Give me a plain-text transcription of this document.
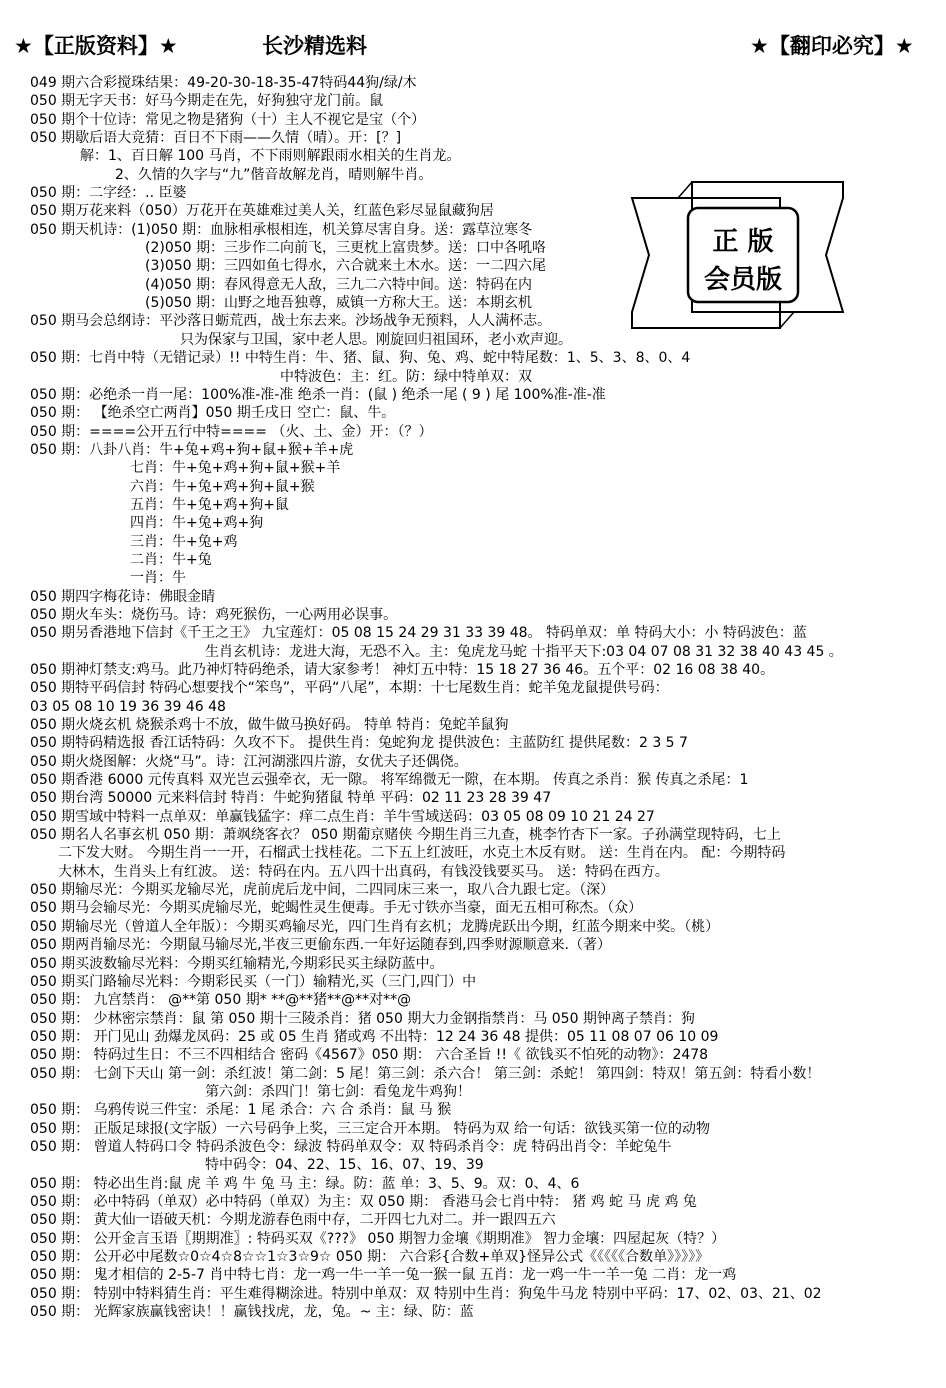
★【正版资料】★	长沙精选料	★【翻印必究】★
049 期六合彩搅珠结果：49-20-30-18-35-47特码44狗/绿/木
050 期无字天书：好马今期走在先，好狗独守龙门前。鼠
050 期个十位诗：常见之物是猪狗（十）主人不视它是宝（个）
050 期歇后语大竞猜：百日不下雨——久情（晴）。开：[？]
解：1、百日解 100 马肖，不下雨则解跟雨水相关的生肖龙。
2、久情的久字与“九”偕音故解龙肖，晴则解牛肖。
050 期：二字经：.. 臣婆
050 期万花来料（050）万花开在英雄难过美人关，红蓝色彩尽显鼠藏狗居
050 期天机诗：(1)050 期：血脉相承根相连，机关算尽害自身。送：露草泣寒冬
(2)050 期：三步作二向前飞，三更枕上富贵梦。送：口中各吼咯
(3)050 期：三四如鱼七得水，六合就来土木水。送：一二四六尾
(4)050 期：春风得意无人敌，三九二六特中间。送：特码在内
(5)050 期：山野之地吾独尊，威镇一方称大王。送：本期玄机
050 期马会总纲诗：平沙落日蛎荒西，战士东去来。沙场战争无预料，人人满杯志。
只为保家与卫国，家中老人思。刚旋回归祖国环，老小欢声迎。
050 期：七肖中特（无错记录）!! 中特生肖：牛、猪、鼠、狗、兔、鸡、蛇中特尾数：1、5、3、8、0、4
中特波色：主：红。防：绿中特单双：双
050 期：必绝杀一肖一尾：100%准-准-准 绝杀一肖：(鼠 ) 绝杀一尾 ( 9 ) 尾 100%准-准-准
050 期： 【绝杀空亡两肖】050 期壬戌日 空亡：鼠、牛。
050 期：====公开五行中特==== （火、土、金）开：（？）
050 期：八卦八肖：牛+兔+鸡+狗+鼠+猴+羊+虎
七肖：牛+兔+鸡+狗+鼠+猴+羊
六肖：牛+兔+鸡+狗+鼠+猴
五肖：牛+兔+鸡+狗+鼠
四肖：牛+兔+鸡+狗
三肖：牛+兔+鸡
二肖：牛+兔
一肖：牛
050 期四字梅花诗：佛眼金睛
050 期火车头：烧伤马。诗：鸡死猴伤，一心两用必误事。
050 期另香港地下信封《千王之王》 九宝莲灯：05 08 15 24 29 31 33 39 48。 特码单双：单 特码大小：小 特码波色：蓝
生肖玄机诗：龙进大海，无恐不入。主：兔虎龙马蛇 十指平天下:03 04 07 08 31 32 38 40 43 45 。
050 期神灯禁支:鸡马。此乃神灯特码绝杀，请大家参考！ 神灯五中特：15 18 27 36 46。五个平：02 16 08 38 40。
050 期特平码信封 特码心想要找个“笨鸟”，平码“八尾”，本期：十七尾数生肖：蛇羊兔龙鼠提供号码：
03 05 08 10 19 36 39 46 48
050 期火烧玄机 烧猴杀鸡十不放，做牛做马换好码。 特单 特肖：兔蛇羊鼠狗
050 期特码精选报 香江话特码：久攻不下。 提供生肖：兔蛇狗龙 提供波色：主蓝防红 提供尾数：2 3 5 7
050 期火烧图解：火烧“马”。诗：江河湖涨四片游，女优夫子还偶侥。
050 期香港 6000 元传真料 双光岂云强牵衣，无一隙。 将军绵微无一隙，在本期。 传真之杀肖：猴 传真之杀尾：1
050 期台湾 50000 元来料信封 特肖：牛蛇狗猪鼠 特单 平码：02 11 23 28 39 47
050 期雪域中特料一点单双：单赢钱猛字：痒二点生肖：羊牛雪域送码：03 05 08 09 10 21 24 27
050 期名人名事玄机 050 期：萧飒绕客衣？ 050 期葡京赌侠 今期生肖三九查，桃李竹杏下一家。子孙满堂现特码，七上
二下发大财。 今期生肖一一开，石榴武士找桂花。二下五上红波旺，水克土木反有财。 送：生肖在内。 配：今期特码
大林木，生肖头上有红波。 送：特码在内。五八四十出真码，有钱没钱要买马。 送：特码在西方。
050 期输尽光：今期买龙输尽光，虎前虎后龙中间，二四同床三来一，取八合九跟七定。（深）
050 期马会输尽光：今期买虎输尽光，蛇蝎性灵生便毒。手无寸铁亦当豪，面无五相可称杰。（众）
050 期输尽光（曾道人全年版）：今期买鸡输尽光，四门生肖有玄机；龙腾虎跃出今期，红蓝今期来中奖。（桃）
050 期两肖输尽光：今期鼠马输尽光,半夜三更偷东西.一年好运随春到,四季财源顺意来.（著）
050 期买波数输尽光料：今期买红输精光,今期彩民买主绿防蓝中。
050 期买门路输尽光料：今期彩民买（一门）输精光,买（三门,四门）中
050 期： 九宫禁肖： @**第 050 期* **@**猪**@**对**@
050 期： 少林密宗禁肖：鼠 第 050 期十三陵杀肖：猪 050 期大力金钢指禁肖：马 050 期钟离子禁肖：狗
050 期： 开门见山 劲爆龙凤码：25 或 05 生肖 猪或鸡 不出特：12 24 36 48 提供：05 11 08 07 06 10 09
050 期： 特码过生日：不三不四相结合 密码《4567》050 期： 六合圣旨 !!《 欲钱买不怕死的动物》：2478
050 期： 七剑下天山 第一剑：杀红波！第二剑：5 尾！第三剑：杀六合！ 第三剑：杀蛇！ 第四剑：特双！第五剑：特看小数！
第六剑：杀四门！第七剑：看兔龙牛鸡狗！
050 期： 乌鸦传说三件宝：杀尾：1 尾 杀合：六 合 杀肖：鼠 马 猴
050 期： 正版足球报(文字版）一六号码争上奖，三三定合开本期。 特码为双 给一句话：欲钱买第一位的动物
050 期： 曾道人特码口令 特码杀波色令：绿波 特码单双令：双 特码杀肖令：虎 特码出肖令：羊蛇兔牛
特中码令：04、22、15、16、07、19、39
050 期： 特必出生肖:鼠 虎 羊 鸡 牛 兔 马 主：绿。防：蓝 单：3、5、9。双：0、4、6
050 期： 必中特码（单双）必中特码（单双）为主：双 050 期： 香港马会七肖中特： 猪 鸡 蛇 马 虎 鸡 兔
050 期： 黄大仙一语破天机：今期龙游春色雨中存，二开四七九对二。并一跟四五六
050 期： 公开金言玉语〖期期准〗: 特码买双《???》 050 期智力金壤《期期准》 智力金壤：四屋起灰（特？）
050 期： 公开必中尾数☆0☆4☆8☆☆1☆3☆9☆ 050 期： 六合彩{合数+单双}怪异公式《《《《《合数单》》》》》
050 期： 鬼才相信的 2-5-7 肖中特七肖：龙一鸡一牛一羊一兔一猴一鼠 五肖：龙一鸡一牛一羊一兔 二肖：龙一鸡
050 期： 特别中特料猜生肖：平生难得糊涂进。特别中单双：双 特别中生肖：狗兔牛马龙 特别中平码：17、02、03、21、02
050 期： 光辉家族赢钱密诀！！赢钱找虎，龙，兔。~ 主：绿、防：蓝
正 版
会员版
